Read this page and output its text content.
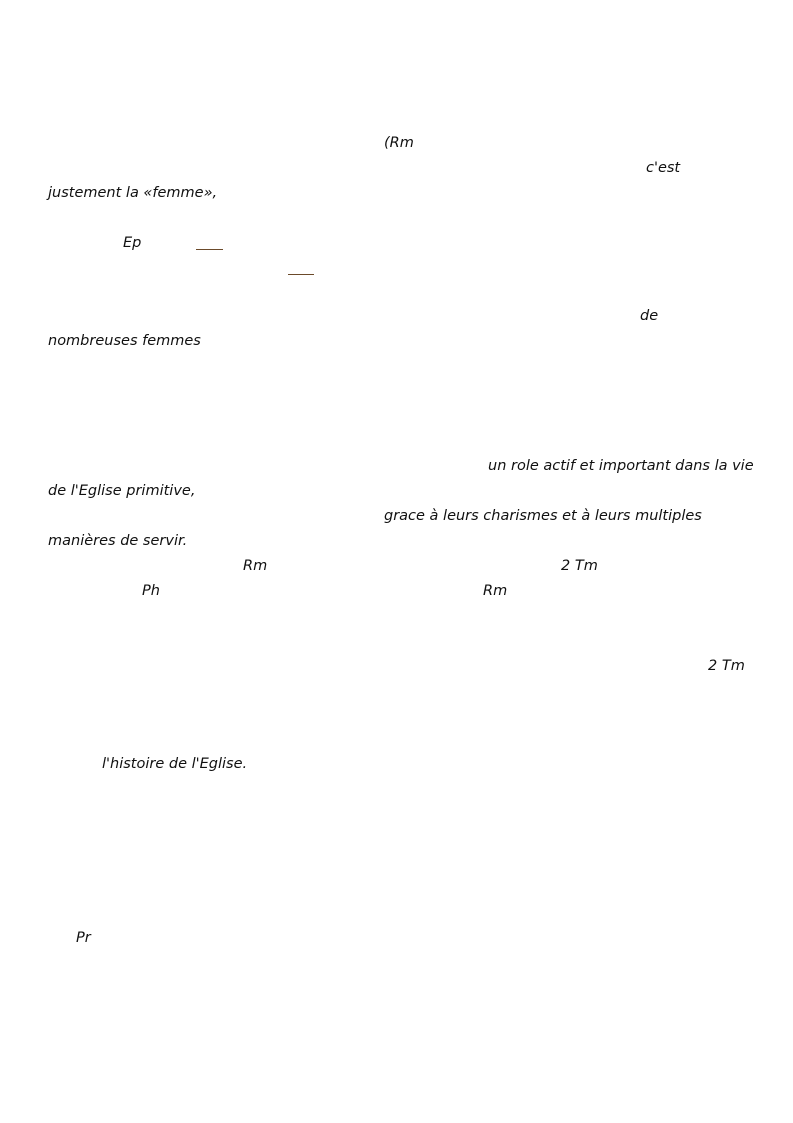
(Rm
c'est
justement la «femme»,
Ep
de
nombreuses femmes
un role actif et important dans la vie
de l'Eglise primitive,
grace à leurs charismes et à leurs multiples
manières de servir.
Rm	2 Tm
Ph	Rm
2 Tm
l'histoire de l'Eglise.
Pr
